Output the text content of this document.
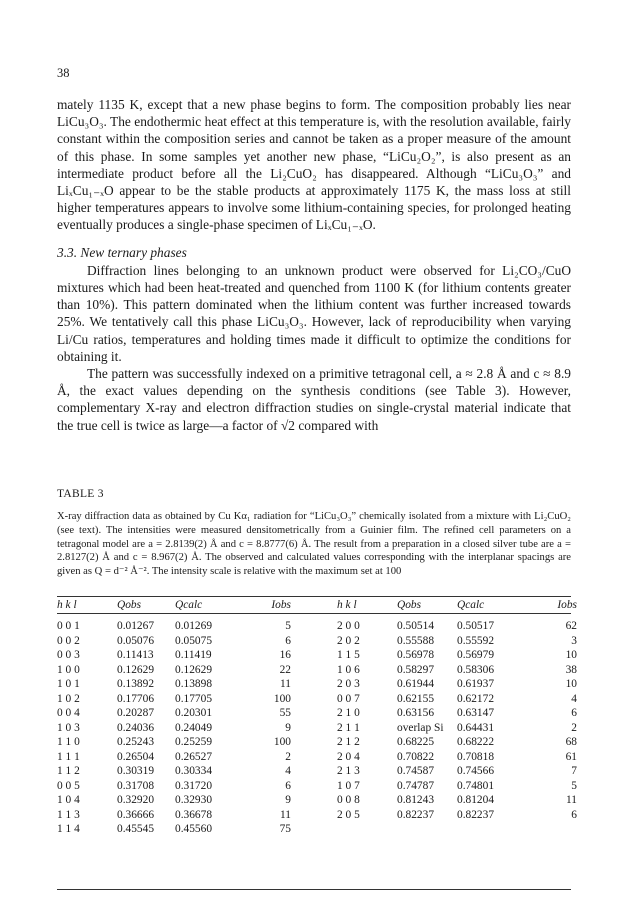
38

mately 1135 K, except that a new phase begins to form. The composition probably lies near LiCu₃O₃. The endothermic heat effect at this temperature is, with the resolution available, fairly constant within the composition series and cannot be taken as a proper measure of the amount of this phase. In some samples yet another new phase, “LiCu₂O₂”, is also present as an intermediate product before all the Li₂CuO₂ has disappeared. Although “LiCu₃O₃” and LiₓCu₁₋ₓO appear to be the stable products at approximately 1175 K, the mass loss at still higher temperatures appears to involve some lithium-containing species, for prolonged heating eventually produces a single-phase specimen of LiₓCu₁₋ₓO.

3.3. New ternary phases

Diffraction lines belonging to an unknown product were observed for Li₂CO₃/CuO mixtures which had been heat-treated and quenched from 1100 K (for lithium contents greater than 10%). This pattern dominated when the lithium content was further increased towards 25%. We tentatively call this phase LiCu₃O₃. However, lack of reproducibility when varying Li/Cu ratios, temperatures and holding times made it difficult to optimize the conditions for obtaining it.

The pattern was successfully indexed on a primitive tetragonal cell, a ≈ 2.8 Å and c ≈ 8.9 Å, the exact values depending on the synthesis conditions (see Table 3). However, complementary X-ray and electron diffraction studies on single-crystal material indicate that the true cell is twice as large—a factor of √2 compared with

TABLE 3
X-ray diffraction data as obtained by Cu Kα₁ radiation for “LiCu₃O₃” chemically isolated from a mixture with Li₂CuO₂ (see text). The intensities were measured densitometrically from a Guinier film. The refined cell parameters on a tetragonal model are a = 2.8139(2) Å and c = 8.8777(6) Å. The result from a preparation in a closed silver tube are a = 2.8127(2) Å and c = 8.967(2) Å. The observed and calculated values corresponding with the interplanar spacings are given as Q = d⁻² Å⁻². The intensity scale is relative with the maximum set at 100
h k l	Qobs	Qcalc	Iobs		h k l	Qobs	Qcalc	Iobs
0 0 1	0.01267	0.01269	5		2 0 0	0.50514	0.50517	62
0 0 2	0.05076	0.05075	6		2 0 2	0.55588	0.55592	3
0 0 3	0.11413	0.11419	16		1 1 5	0.56978	0.56979	10
1 0 0	0.12629	0.12629	22		1 0 6	0.58297	0.58306	38
1 0 1	0.13892	0.13898	11		2 0 3	0.61944	0.61937	10
1 0 2	0.17706	0.17705	100		0 0 7	0.62155	0.62172	4
0 0 4	0.20287	0.20301	55		2 1 0	0.63156	0.63147	6
1 0 3	0.24036	0.24049	9		2 1 1	overlap Si	0.64431	2
1 1 0	0.25243	0.25259	100		2 1 2	0.68225	0.68222	68
1 1 1	0.26504	0.26527	2		2 0 4	0.70822	0.70818	61
1 1 2	0.30319	0.30334	4		2 1 3	0.74587	0.74566	7
0 0 5	0.31708	0.31720	6		1 0 7	0.74787	0.74801	5
1 0 4	0.32920	0.32930	9		0 0 8	0.81243	0.81204	11
1 1 3	0.36666	0.36678	11		2 0 5	0.82237	0.82237	6
1 1 4	0.45545	0.45560	75					
